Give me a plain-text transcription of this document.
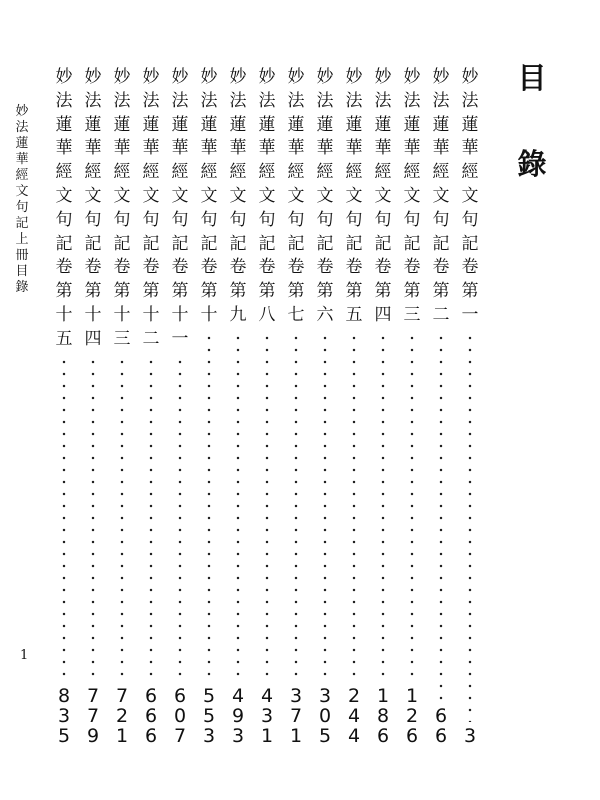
妙法蓮華經文句記上冊目錄
1
目
錄
妙法蓮華經文句記卷第一
3
妙法蓮華經文句記卷第二
66
妙法蓮華經文句記卷第三
126
妙法蓮華經文句記卷第四
186
妙法蓮華經文句記卷第五
244
妙法蓮華經文句記卷第六
305
妙法蓮華經文句記卷第七
371
妙法蓮華經文句記卷第八
431
妙法蓮華經文句記卷第九
493
妙法蓮華經文句記卷第十
553
妙法蓮華經文句記卷第十一
607
妙法蓮華經文句記卷第十二
666
妙法蓮華經文句記卷第十三
721
妙法蓮華經文句記卷第十四
779
妙法蓮華經文句記卷第十五
835
